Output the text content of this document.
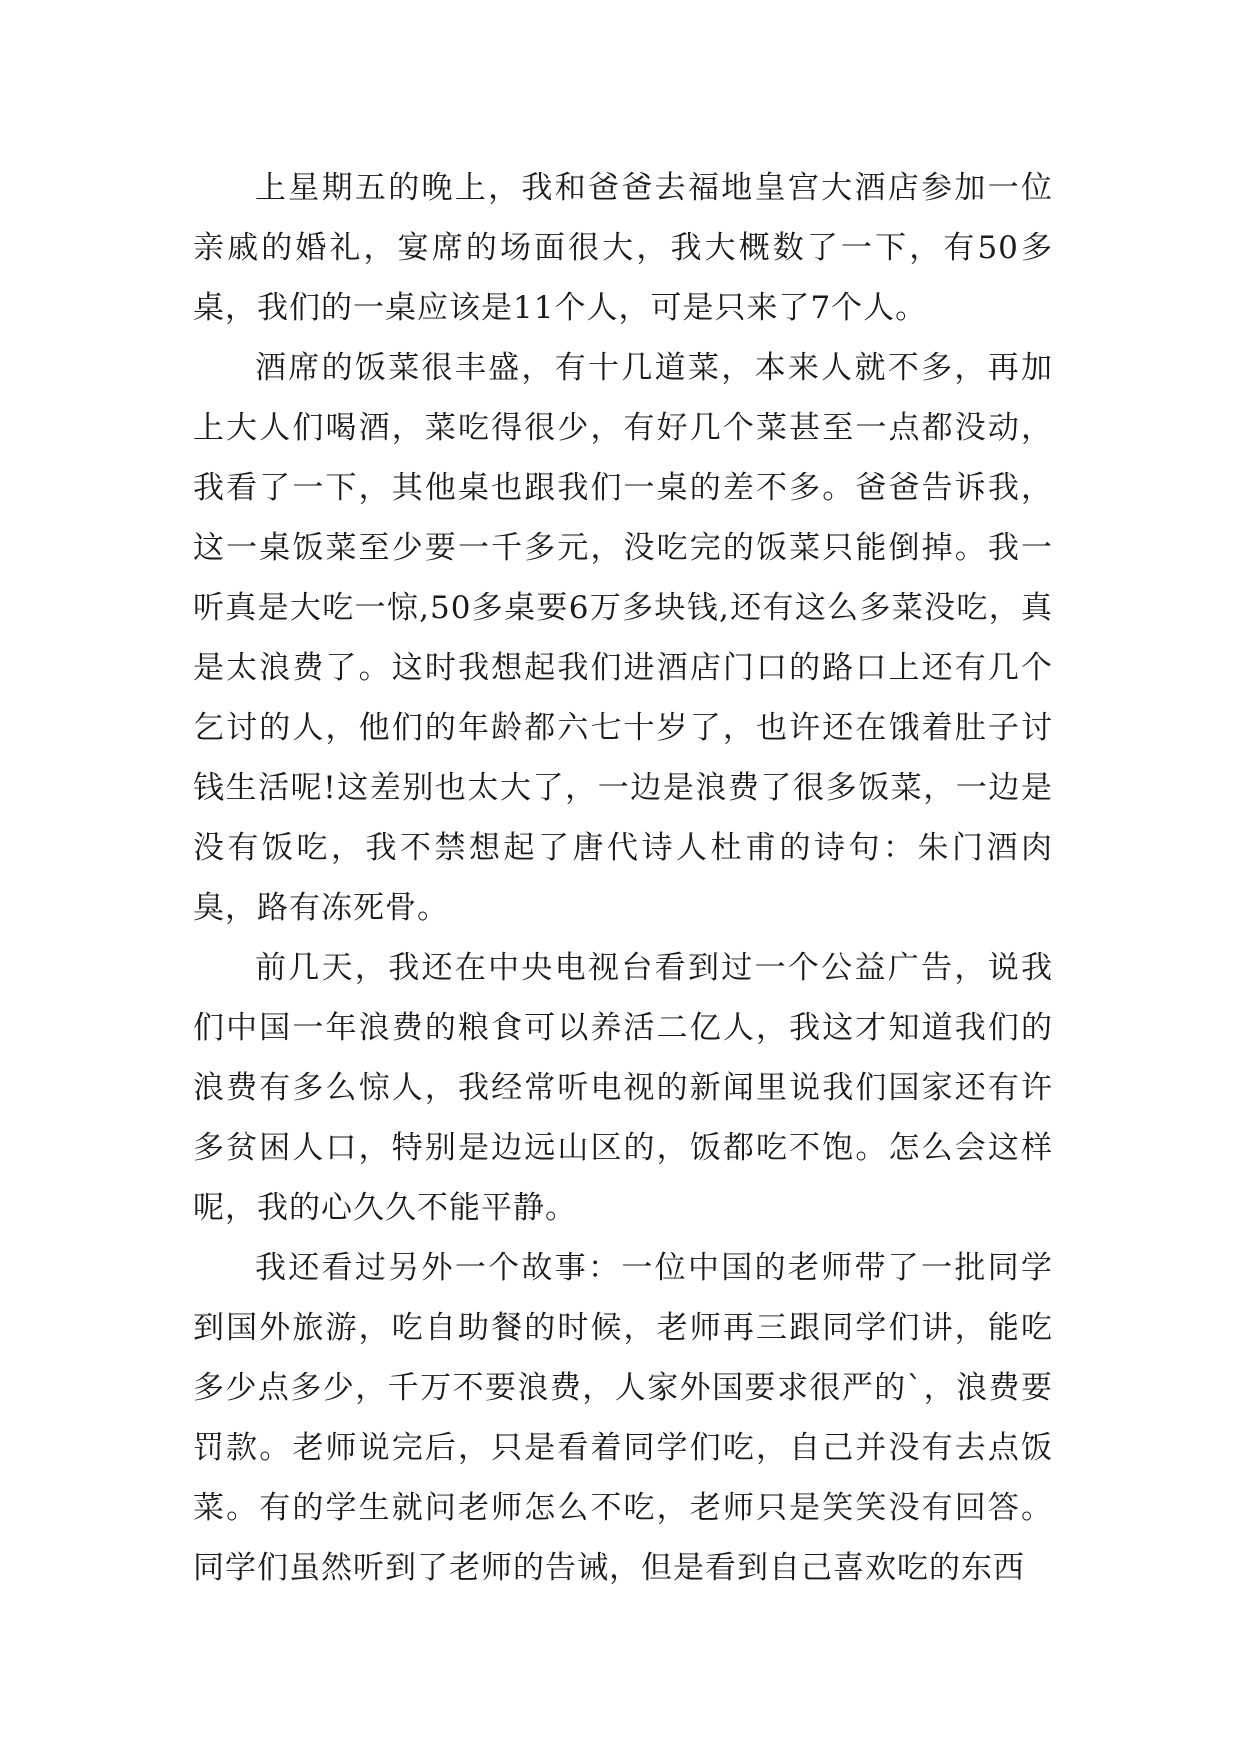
上星期五的晚上，我和爸爸去福地皇宫大酒店参加一位亲戚的婚礼，宴席的场面很大，我大概数了一下，有50多桌，我们的一桌应该是11个人，可是只来了7个人。

酒席的饭菜很丰盛，有十几道菜，本来人就不多，再加上大人们喝酒，菜吃得很少，有好几个菜甚至一点都没动，我看了一下，其他桌也跟我们一桌的差不多。爸爸告诉我，这一桌饭菜至少要一千多元，没吃完的饭菜只能倒掉。我一听真是大吃一惊,50多桌要6万多块钱,还有这么多菜没吃，真是太浪费了。这时我想起我们进酒店门口的路口上还有几个乞讨的人，他们的年龄都六七十岁了，也许还在饿着肚子讨钱生活呢!这差别也太大了，一边是浪费了很多饭菜，一边是没有饭吃，我不禁想起了唐代诗人杜甫的诗句：朱门酒肉臭，路有冻死骨。

前几天，我还在中央电视台看到过一个公益广告，说我们中国一年浪费的粮食可以养活二亿人，我这才知道我们的浪费有多么惊人，我经常听电视的新闻里说我们国家还有许多贫困人口，特别是边远山区的，饭都吃不饱。怎么会这样呢，我的心久久不能平静。

我还看过另外一个故事：一位中国的老师带了一批同学到国外旅游，吃自助餐的时候，老师再三跟同学们讲，能吃多少点多少，千万不要浪费，人家外国要求很严的`，浪费要罚款。老师说完后，只是看着同学们吃，自己并没有去点饭菜。有的学生就问老师怎么不吃，老师只是笑笑没有回答。同学们虽然听到了老师的告诫，但是看到自己喜欢吃的东西
